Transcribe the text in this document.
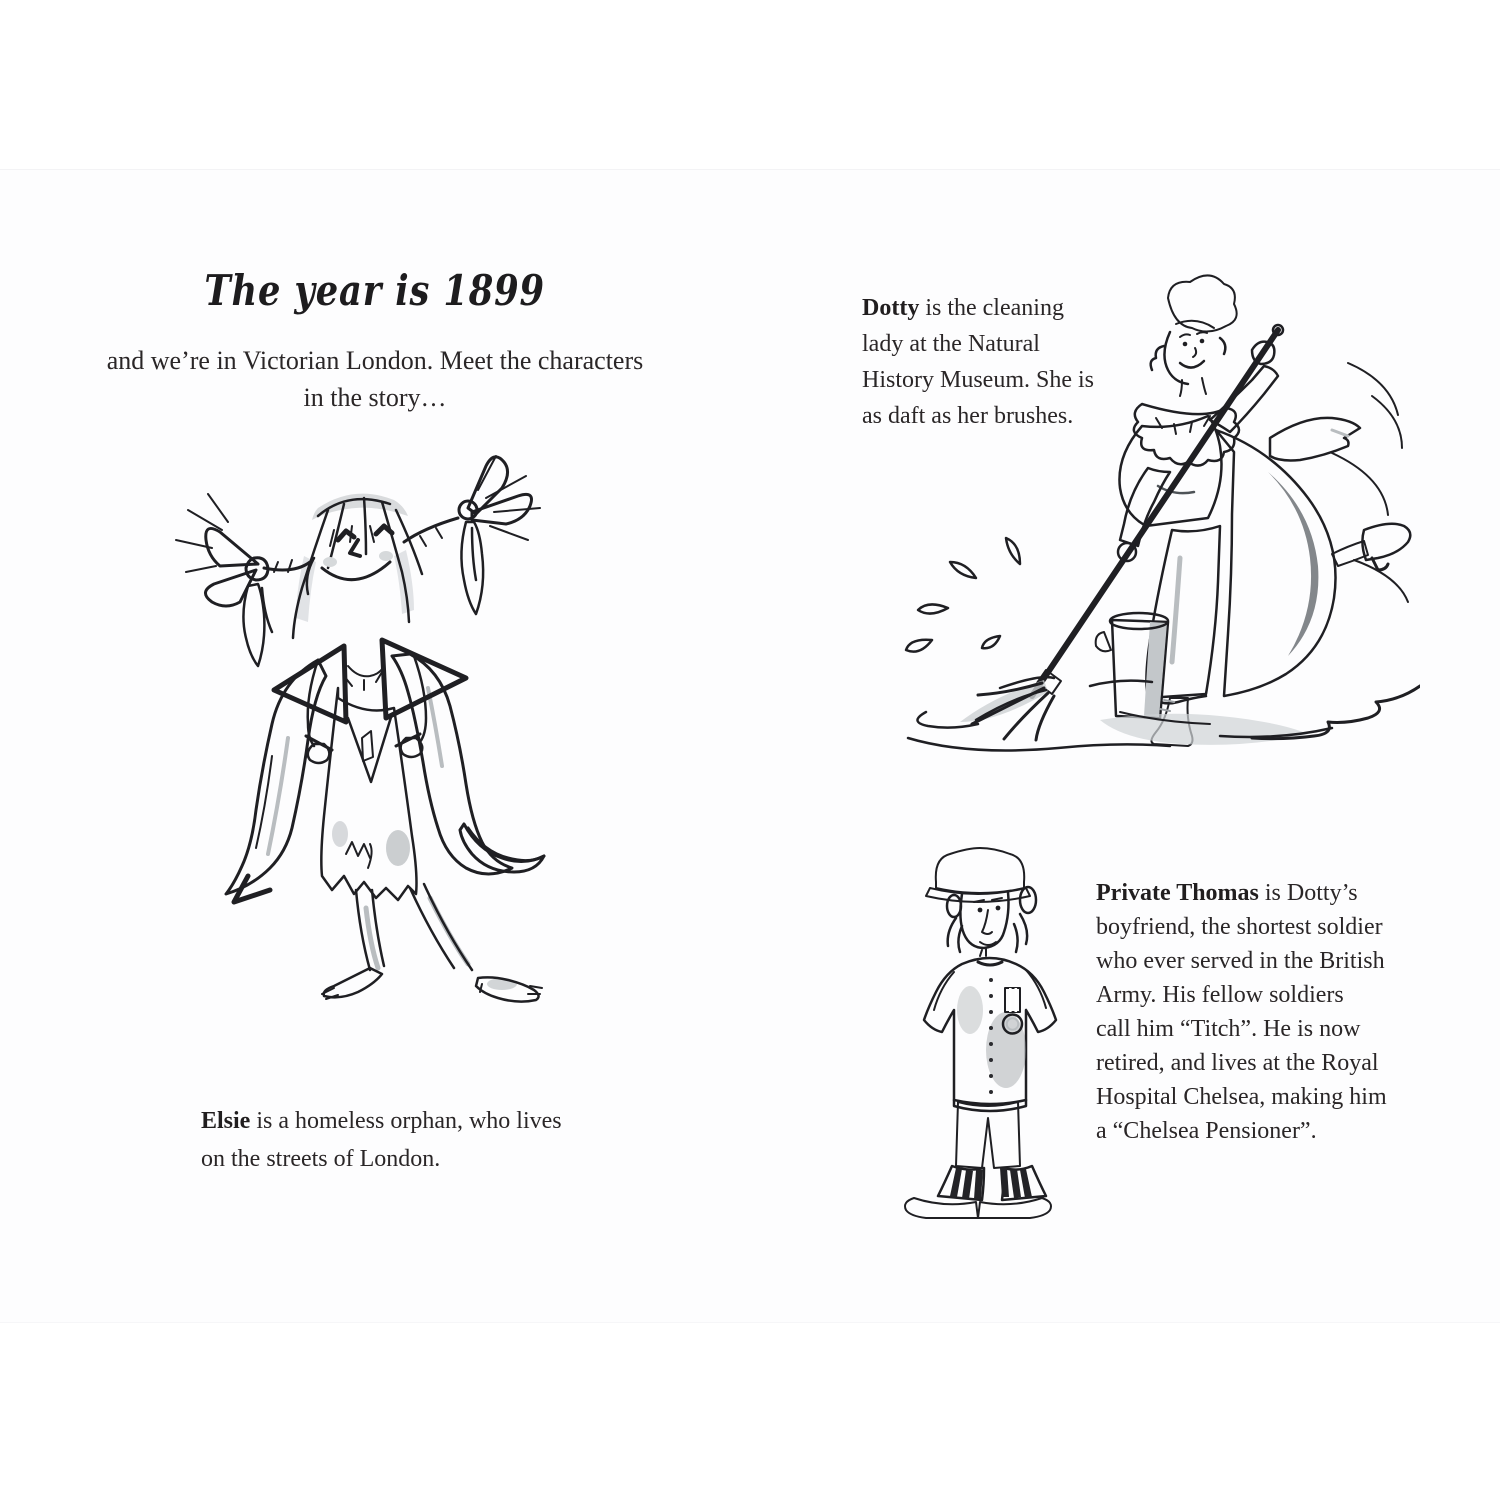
The year is 1899
and we’re in Victorian London. Meet the characters
in the story…
Elsie is a homeless orphan, who lives
on the streets of London.
Dotty is the cleaning
lady at the Natural
History Museum. She is
as daft as her brushes.
Private Thomas is Dotty’s
boyfriend, the shortest soldier
who ever served in the British
Army. His fellow soldiers
call him “Titch”. He is now
retired, and lives at the Royal
Hospital Chelsea, making him
a “Chelsea Pensioner”.
